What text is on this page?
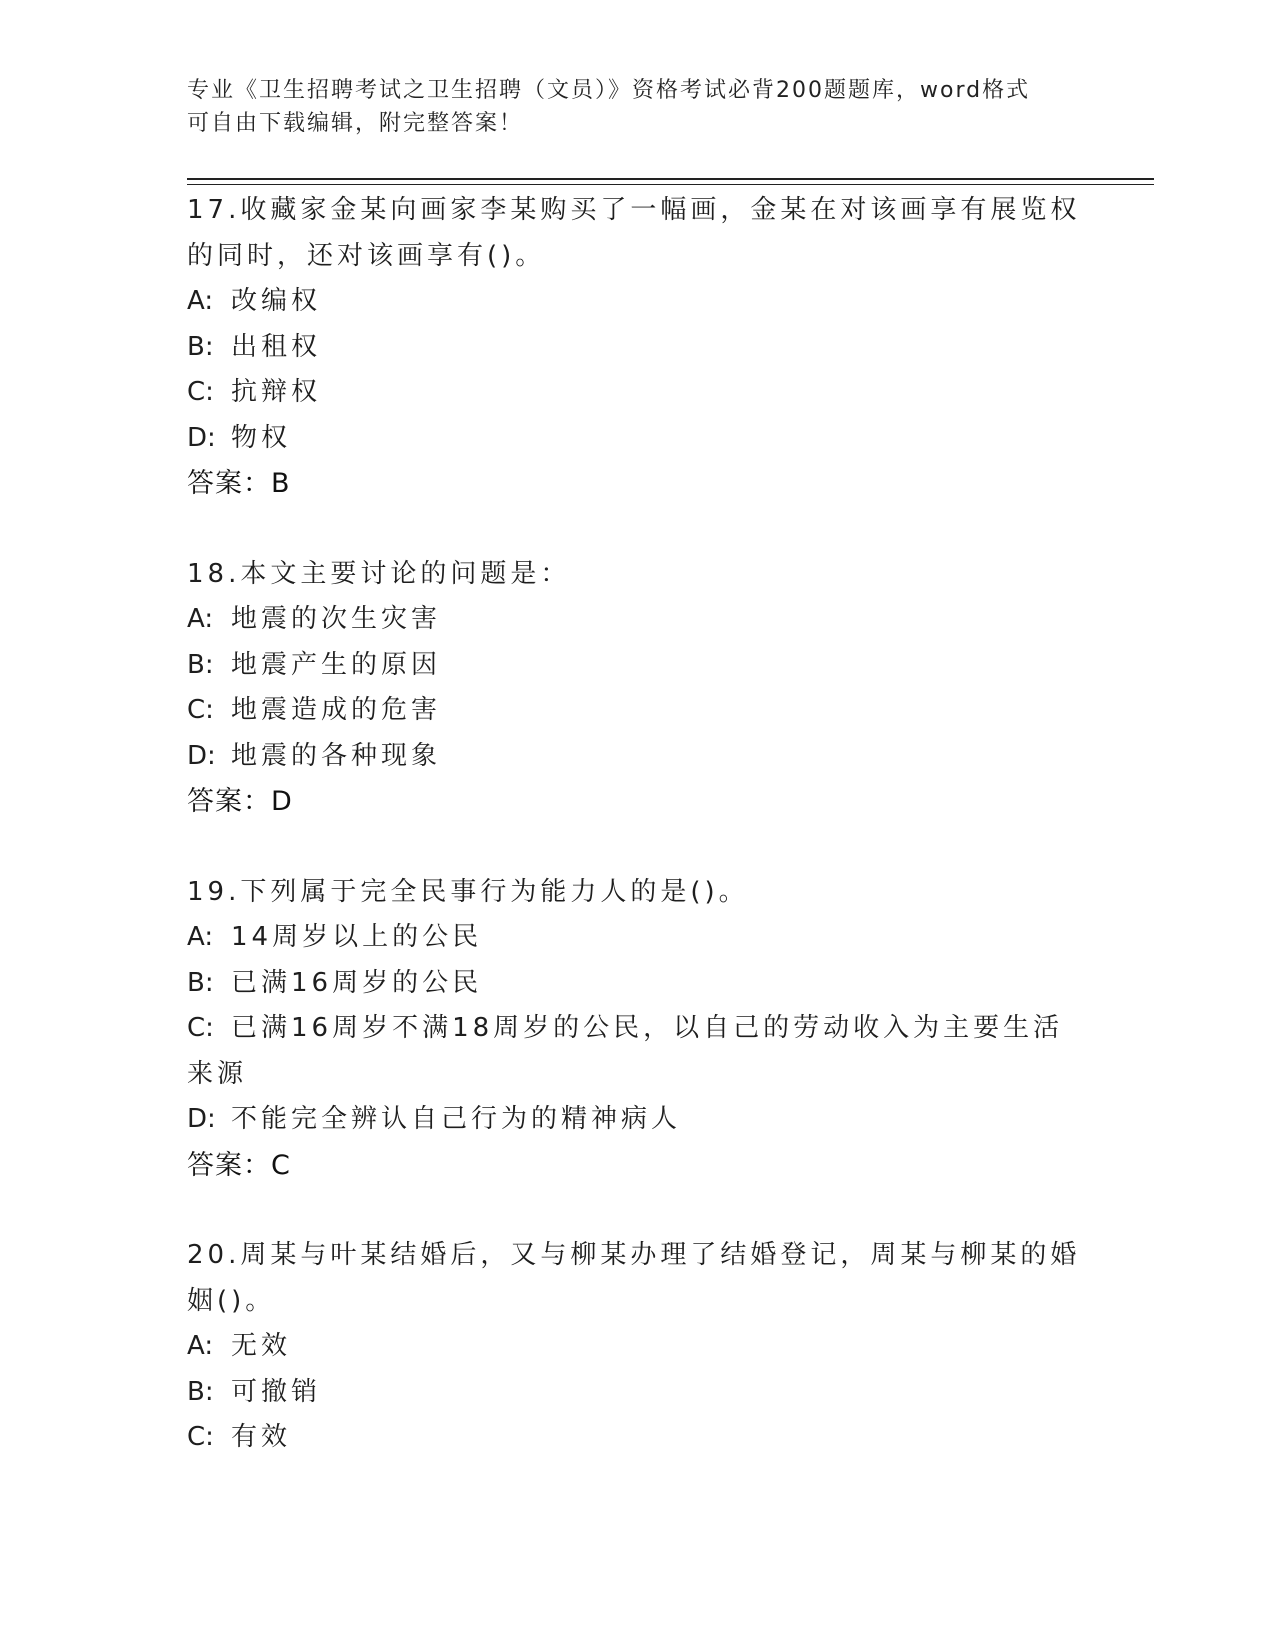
专业《卫生招聘考试之卫生招聘（文员）》资格考试必背200题题库，word格式
可自由下载编辑，附完整答案！
17.收藏家金某向画家李某购买了一幅画，金某在对该画享有展览权的同时，还对该画享有()。
A: 改编权
B: 出租权
C: 抗辩权
D: 物权
答案：B
18.本文主要讨论的问题是：
A: 地震的次生灾害
B: 地震产生的原因
C: 地震造成的危害
D: 地震的各种现象
答案：D
19.下列属于完全民事行为能力人的是()。
A: 14周岁以上的公民
B: 已满16周岁的公民
C: 已满16周岁不满18周岁的公民，以自己的劳动收入为主要生活来源
D: 不能完全辨认自己行为的精神病人
答案：C
20.周某与叶某结婚后，又与柳某办理了结婚登记，周某与柳某的婚姻()。
A: 无效
B: 可撤销
C: 有效
